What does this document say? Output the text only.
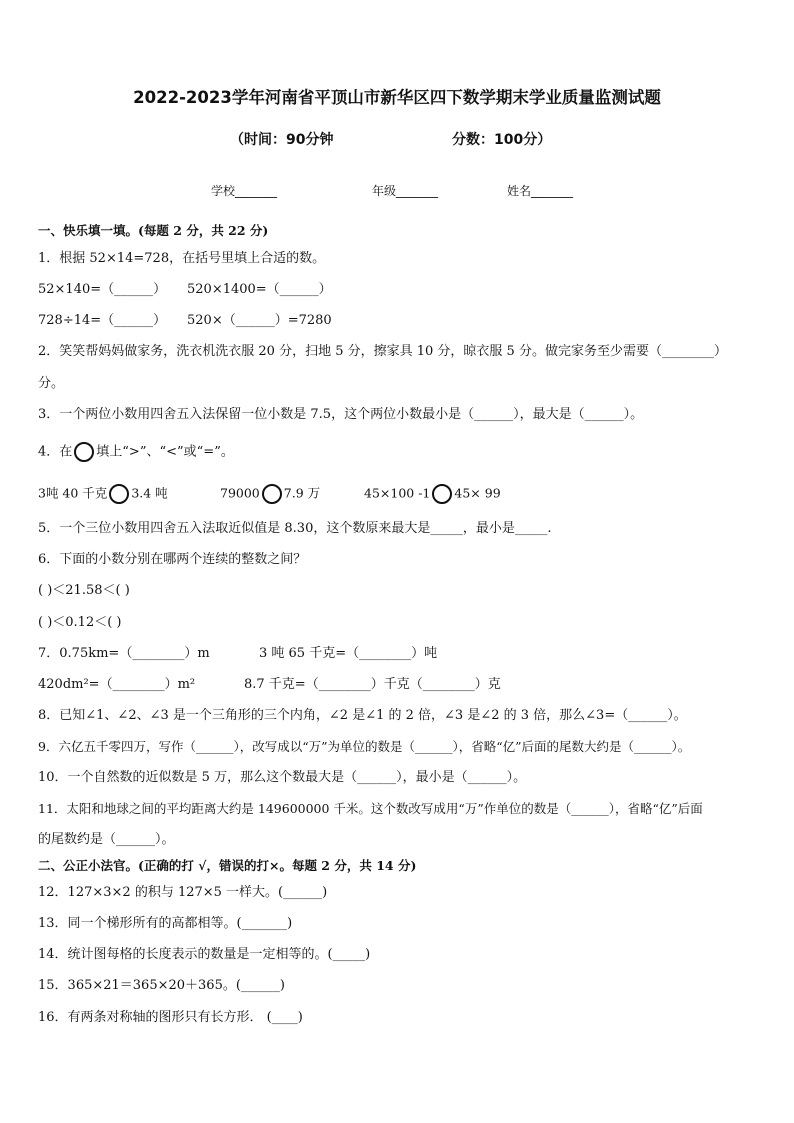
2022-2023学年河南省平顶山市新华区四下数学期末学业质量监测试题
（时间：90分钟	分数：100分）
学校_______	年级_______	姓名_______
一、快乐填一填。(每题 2 分，共 22 分)
1．根据 52×14=728，在括号里填上合适的数。
52×140=（______） 520×1400=（______）
728÷14=（______） 520×（______）=7280
2．笑笑帮妈妈做家务，洗衣机洗衣服 20 分，扫地 5 分，擦家具 10 分，晾衣服 5 分。做完家务至少需要（________）
分。
3．一个两位小数用四舍五入法保留一位小数是 7.5，这个两位小数最小是（______），最大是（______）。
4．在 填上“>”、“<”或“=”。
3吨 40 千克 3.4 吨	79000 7.9 万	45×100 -1 45× 99
5．一个三位小数用四舍五入法取近似值是 8.30，这个数原来最大是_____，最小是_____.
6．下面的小数分别在哪两个连续的整数之间？
( )＜21.58＜( )
( )＜0.12＜( )
7．0.75km=（________）m	3 吨 65 千克=（________）吨
420dm²=（________）m²	8.7 千克=（________）千克（________）克
8．已知∠1、∠2、∠3 是一个三角形的三个内角，∠2 是∠1 的 2 倍，∠3 是∠2 的 3 倍，那么∠3=（______）。
9．六亿五千零四万，写作（______），改写成以“万”为单位的数是（______），省略“亿”后面的尾数大约是（______）。
10．一个自然数的近似数是 5 万，那么这个数最大是（______），最小是（______）。
11．太阳和地球之间的平均距离大约是 149600000 千米。这个数改写成用“万”作单位的数是（______），省略“亿”后面
的尾数约是（______）。
二、公正小法官。(正确的打 √，错误的打×。每题 2 分，共 14 分)
12．127×3×2 的积与 127×5 一样大。(______)
13．同一个梯形所有的高都相等。(_______)
14．统计图每格的长度表示的数量是一定相等的。(_____)
15．365×21＝365×20＋365。(______)
16．有两条对称轴的图形只有长方形． (____)
